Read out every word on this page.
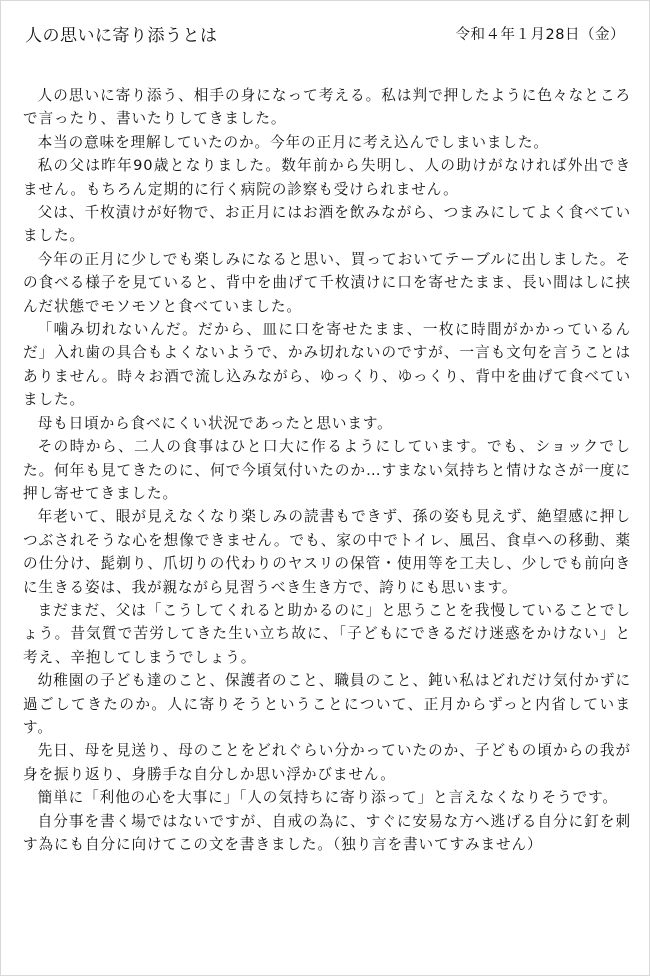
人の思いに寄り添うとは	令和４年１月28日（金）

人の思いに寄り添う、相手の身になって考える。私は判で押したように色々なところで言ったり、書いたりしてきました。

本当の意味を理解していたのか。今年の正月に考え込んでしまいました。

私の父は昨年90歳となりました。数年前から失明し、人の助けがなければ外出できません。もちろん定期的に行く病院の診察も受けられません。

父は、千枚漬けが好物で、お正月にはお酒を飲みながら、つまみにしてよく食べていました。

今年の正月に少しでも楽しみになると思い、買っておいてテーブルに出しました。その食べる様子を見ていると、背中を曲げて千枚漬けに口を寄せたまま、長い間はしに挟んだ状態でモソモソと食べていました。

「噛み切れないんだ。だから、皿に口を寄せたまま、一枚に時間がかかっているんだ」入れ歯の具合もよくないようで、かみ切れないのですが、一言も文句を言うことはありません。時々お酒で流し込みながら、ゆっくり、ゆっくり、背中を曲げて食べていました。

母も日頃から食べにくい状況であったと思います。

その時から、二人の食事はひと口大に作るようにしています。でも、ショックでした。何年も見てきたのに、何で今頃気付いたのか…すまない気持ちと情けなさが一度に押し寄せてきました。

年老いて、眼が見えなくなり楽しみの読書もできず、孫の姿も見えず、絶望感に押しつぶされそうな心を想像できません。でも、家の中でトイレ、風呂、食卓への移動、薬の仕分け、髭剃り、爪切りの代わりのヤスリの保管・使用等を工夫し、少しでも前向きに生きる姿は、我が親ながら見習うべき生き方で、誇りにも思います。

まだまだ、父は「こうしてくれると助かるのに」と思うことを我慢していることでしょう。昔気質で苦労してきた生い立ち故に、「子どもにできるだけ迷惑をかけない」と考え、辛抱してしまうでしょう。

幼稚園の子ども達のこと、保護者のこと、職員のこと、鈍い私はどれだけ気付かずに過ごしてきたのか。人に寄りそうということについて、正月からずっと内省しています。

先日、母を見送り、母のことをどれぐらい分かっていたのか、子どもの頃からの我が身を振り返り、身勝手な自分しか思い浮かびません。

簡単に「利他の心を大事に」「人の気持ちに寄り添って」と言えなくなりそうです。

自分事を書く場ではないですが、自戒の為に、すぐに安易な方へ逃げる自分に釘を刺す為にも自分に向けてこの文を書きました。（独り言を書いてすみません）
